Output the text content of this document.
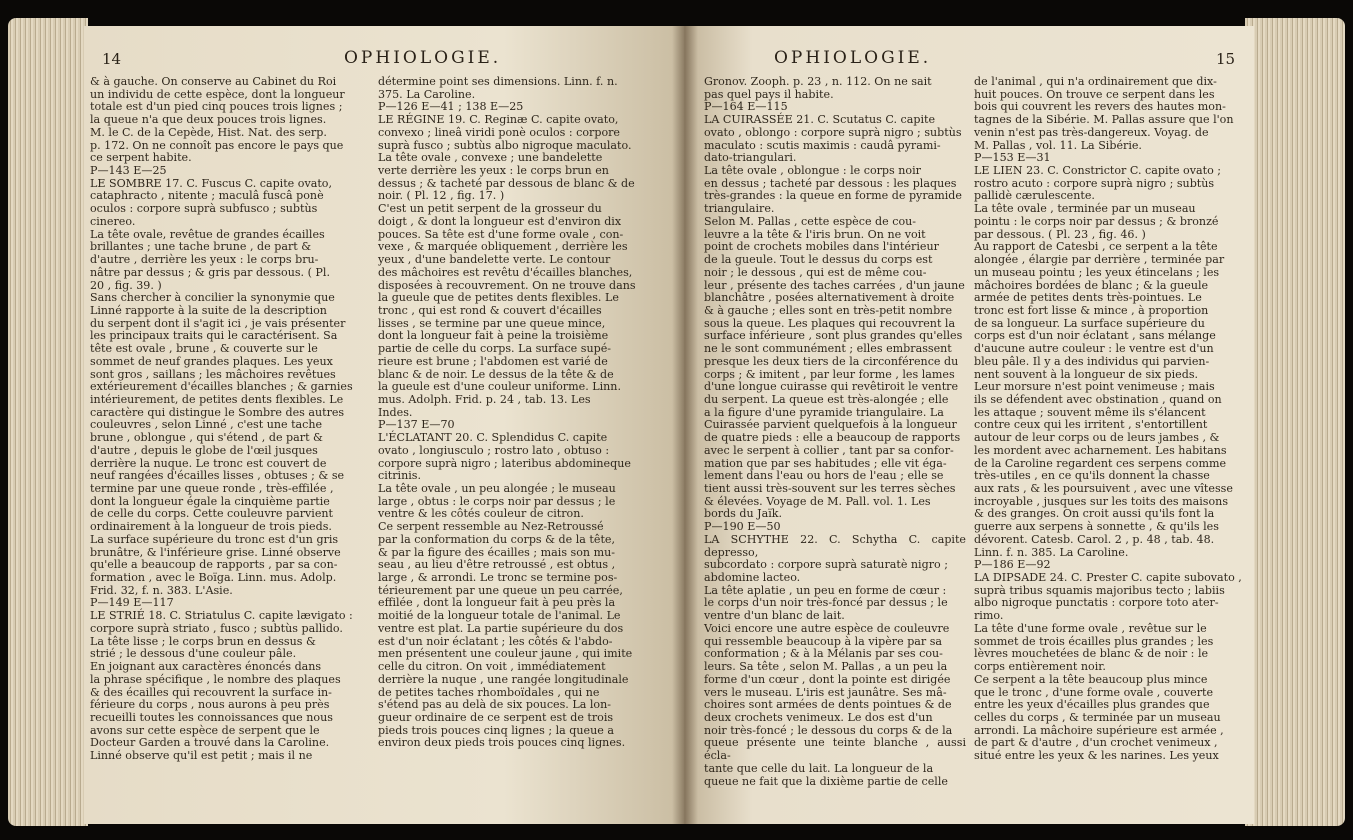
14	OPHIOLOGIE.

& à gauche. On conserve au Cabinet du Roi

un individu de cette espèce, dont la longueur

totale est d'un pied cinq pouces trois lignes ;

la queue n'a que deux pouces trois lignes.

M. le C. de la Cepède, Hist. Nat. des serp.

p. 172. On ne connoît pas encore le pays que

ce serpent habite.

P—143 E—25

LE SOMBRE 17. C. Fuscus C. capite ovato,

cataphracto , nitente ; maculâ fuscâ ponè

oculos : corpore suprà subfusco ; subtùs

cinereo.

La tête ovale, revêtue de grandes écailles

brillantes ; une tache brune , de part &

d'autre , derrière les yeux : le corps bru-

nâtre par dessus ; & gris par dessous. ( Pl.

20 , fig. 39. )

Sans chercher à concilier la synonymie que

Linné rapporte à la suite de la description

du serpent dont il s'agit ici , je vais présenter

les principaux traits qui le caractérisent. Sa

tête est ovale , brune , & couverte sur le

sommet de neuf grandes plaques. Les yeux

sont gros , saillans ; les mâchoires revêtues

extérieurement d'écailles blanches ; & garnies

intérieurement, de petites dents flexibles. Le

caractère qui distingue le Sombre des autres

couleuvres , selon Linné , c'est une tache

brune , oblongue , qui s'étend , de part &

d'autre , depuis le globe de l'œil jusques

derrière la nuque. Le tronc est couvert de

neuf rangées d'écailles lisses , obtuses ; & se

termine par une queue ronde , très-effilée ,

dont la longueur égale la cinquième partie

de celle du corps. Cette couleuvre parvient

ordinairement à la longueur de trois pieds.

La surface supérieure du tronc est d'un gris

brunâtre, & l'inférieure grise. Linné observe

qu'elle a beaucoup de rapports , par sa con-

formation , avec le Boïga. Linn. mus. Adolp.

Frid. 32, f. n. 383. L'Asie.

P—149 E—117

LE STRIÉ 18. C. Striatulus C. capite lævigato :

corpore suprà striato , fusco ; subtùs pallido.

La tête lisse ; le corps brun en dessus &

strié ; le dessous d'une couleur pâle.

En joignant aux caractères énoncés dans

la phrase spécifique , le nombre des plaques

& des écailles qui recouvrent la surface in-

férieure du corps , nous aurons à peu près

recueilli toutes les connoissances que nous

avons sur cette espèce de serpent que le

Docteur Garden a trouvé dans la Caroline.

Linné observe qu'il est petit ; mais il ne

détermine point ses dimensions. Linn. f. n.

375. La Caroline.

P—126 E—41 ; 138 E—25

LE RÉGINE 19. C. Reginæ C. capite ovato,

convexo ; lineâ viridi ponè oculos : corpore

suprà fusco ; subtùs albo nigroque maculato.

La tête ovale , convexe ; une bandelette

verte derrière les yeux : le corps brun en

dessus ; & tacheté par dessous de blanc & de

noir. ( Pl. 12 , fig. 17. )

C'est un petit serpent de la grosseur du

doigt , & dont la longueur est d'environ dix

pouces. Sa tête est d'une forme ovale , con-

vexe , & marquée obliquement , derrière les

yeux , d'une bandelette verte. Le contour

des mâchoires est revêtu d'écailles blanches,

disposées à recouvrement. On ne trouve dans

la gueule que de petites dents flexibles. Le

tronc , qui est rond & couvert d'écailles

lisses , se termine par une queue mince,

dont la longueur fait à peine la troisième

partie de celle du corps. La surface supé-

rieure est brune ; l'abdomen est varié de

blanc & de noir. Le dessus de la tête & de

la gueule est d'une couleur uniforme. Linn.

mus. Adolph. Frid. p. 24 , tab. 13. Les

Indes.

P—137 E—70

L'ÉCLATANT 20. C. Splendidus C. capite

ovato , longiusculo ; rostro lato , obtuso :

corpore suprà nigro ; lateribus abdomineque

citrinis.

La tête ovale , un peu alongée ; le museau

large , obtus : le corps noir par dessus ; le

ventre & les côtés couleur de citron.

Ce serpent ressemble au Nez-Retroussé

par la conformation du corps & de la tête,

& par la figure des écailles ; mais son mu-

seau , au lieu d'être retroussé , est obtus ,

large , & arrondi. Le tronc se termine pos-

térieurement par une queue un peu carrée,

effilée , dont la longueur fait à peu près la

moitié de la longueur totale de l'animal. Le

ventre est plat. La partie supérieure du dos

est d'un noir éclatant ; les côtés & l'abdo-

men présentent une couleur jaune , qui imite

celle du citron. On voit , immédiatement

derrière la nuque , une rangée longitudinale

de petites taches rhomboïdales , qui ne

s'étend pas au delà de six pouces. La lon-

gueur ordinaire de ce serpent est de trois

pieds trois pouces cinq lignes ; la queue a

environ deux pieds trois pouces cinq lignes.

OPHIOLOGIE.	15

Gronov. Zooph. p. 23 , n. 112. On ne sait

pas quel pays il habite.

P—164 E—115

LA CUIRASSÉE 21. C. Scutatus C. capite

ovato , oblongo : corpore suprà nigro ; subtùs

maculato : scutis maximis : caudâ pyrami-

dato-triangulari.

La tête ovale , oblongue : le corps noir

en dessus ; tacheté par dessous : les plaques

très-grandes : la queue en forme de pyramide

triangulaire.

Selon M. Pallas , cette espèce de cou-

leuvre a la tête & l'iris brun. On ne voit

point de crochets mobiles dans l'intérieur

de la gueule. Tout le dessus du corps est

noir ; le dessous , qui est de même cou-

leur , présente des taches carrées , d'un jaune

blanchâtre , posées alternativement à droite

& à gauche ; elles sont en très-petit nombre

sous la queue. Les plaques qui recouvrent la

surface inférieure , sont plus grandes qu'elles

ne le sont communément ; elles embrassent

presque les deux tiers de la circonférence du

corps ; & imitent , par leur forme , les lames

d'une longue cuirasse qui revêtiroit le ventre

du serpent. La queue est très-alongée ; elle

a la figure d'une pyramide triangulaire. La

Cuirassée parvient quelquefois à la longueur

de quatre pieds : elle a beaucoup de rapports

avec le serpent à collier , tant par sa confor-

mation que par ses habitudes ; elle vit éga-

lement dans l'eau ou hors de l'eau ; elle se

tient aussi très-souvent sur les terres sèches

& élevées. Voyage de M. Pall. vol. 1. Les

bords du Jaïk.

P—190 E—50

LA SCHYTHE 22. C. Schytha C. capite depresso,

subcordato : corpore suprà saturatè nigro ;

abdomine lacteo.

La tête aplatie , un peu en forme de cœur :

le corps d'un noir très-foncé par dessus ; le

ventre d'un blanc de lait.

Voici encore une autre espèce de couleuvre

qui ressemble beaucoup à la vipère par sa

conformation ; & à la Mélanis par ses cou-

leurs. Sa tête , selon M. Pallas , a un peu la

forme d'un cœur , dont la pointe est dirigée

vers le museau. L'iris est jaunâtre. Ses mâ-

choires sont armées de dents pointues & de

deux crochets venimeux. Le dos est d'un

noir très-foncé ; le dessous du corps & de la

queue présente une teinte blanche , aussi écla-

tante que celle du lait. La longueur de la

queue ne fait que la dixième partie de celle

de l'animal , qui n'a ordinairement que dix-

huit pouces. On trouve ce serpent dans les

bois qui couvrent les revers des hautes mon-

tagnes de la Sibérie. M. Pallas assure que l'on

venin n'est pas très-dangereux. Voyag. de

M. Pallas , vol. 11. La Sibérie.

P—153 E—31

LE LIEN 23. C. Constrictor C. capite ovato ;

rostro acuto : corpore suprà nigro ; subtùs

pallidè cærulescente.

La tête ovale , terminée par un museau

pointu : le corps noir par dessus ; & bronzé

par dessous. ( Pl. 23 , fig. 46. )

Au rapport de Catesbi , ce serpent a la tête

alongée , élargie par derrière , terminée par

un museau pointu ; les yeux étincelans ; les

mâchoires bordées de blanc ; & la gueule

armée de petites dents très-pointues. Le

tronc est fort lisse & mince , à proportion

de sa longueur. La surface supérieure du

corps est d'un noir éclatant , sans mélange

d'aucune autre couleur : le ventre est d'un

bleu pâle. Il y a des individus qui parvien-

nent souvent à la longueur de six pieds.

Leur morsure n'est point venimeuse ; mais

ils se défendent avec obstination , quand on

les attaque ; souvent même ils s'élancent

contre ceux qui les irritent , s'entortillent

autour de leur corps ou de leurs jambes , &

les mordent avec acharnement. Les habitans

de la Caroline regardent ces serpens comme

très-utiles , en ce qu'ils donnent la chasse

aux rats , & les poursuivent , avec une vîtesse

incroyable , jusques sur les toits des maisons

& des granges. On croit aussi qu'ils font la

guerre aux serpens à sonnette , & qu'ils les

dévorent. Catesb. Carol. 2 , p. 48 , tab. 48.

Linn. f. n. 385. La Caroline.

P—186 E—92

LA DIPSADE 24. C. Prester C. capite subovato ,

suprà tribus squamis majoribus tecto ; labiis

albo nigroque punctatis : corpore toto ater-

rimo.

La tête d'une forme ovale , revêtue sur le

sommet de trois écailles plus grandes ; les

lèvres mouchetées de blanc & de noir : le

corps entièrement noir.

Ce serpent a la tête beaucoup plus mince

que le tronc , d'une forme ovale , couverte

entre les yeux d'écailles plus grandes que

celles du corps , & terminée par un museau

arrondi. La mâchoire supérieure est armée ,

de part & d'autre , d'un crochet venimeux ,

situé entre les yeux & les narines. Les yeux
